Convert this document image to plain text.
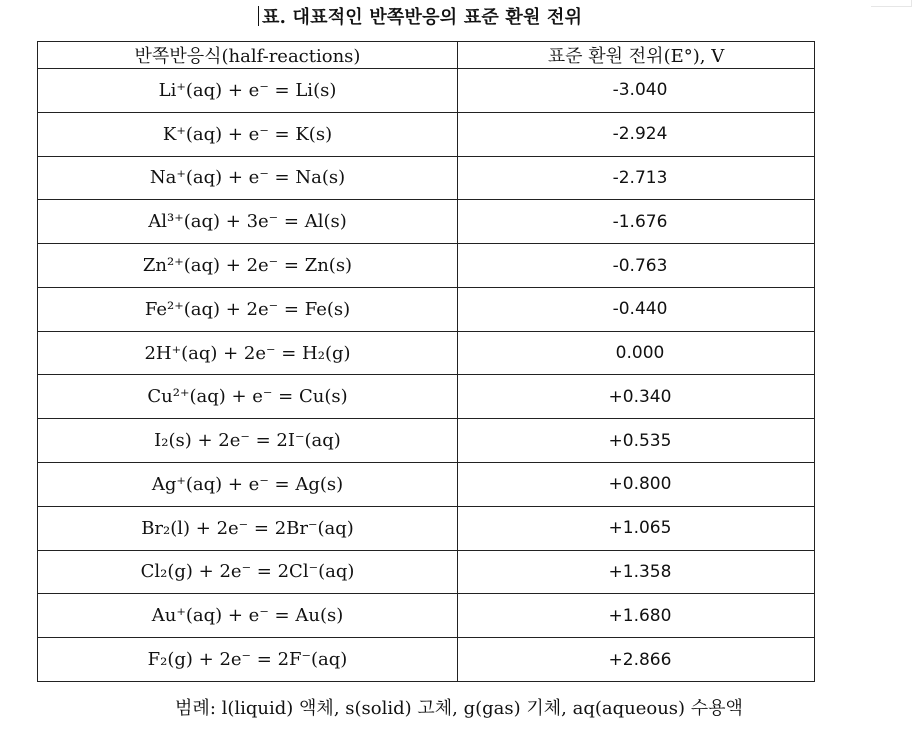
표. 대표적인 반쪽반응의 표준 환원 전위
반쪽반응식(half-reactions)	표준 환원 전위(E°), V
Li⁺(aq) + e⁻ = Li(s)	-3.040
K⁺(aq) + e⁻ = K(s)	-2.924
Na⁺(aq) + e⁻ = Na(s)	-2.713
Al³⁺(aq) + 3e⁻ = Al(s)	-1.676
Zn²⁺(aq) + 2e⁻ = Zn(s)	-0.763
Fe²⁺(aq) + 2e⁻ = Fe(s)	-0.440
2H⁺(aq) + 2e⁻ = H₂(g)	0.000
Cu²⁺(aq) + e⁻ = Cu(s)	+0.340
I₂(s) + 2e⁻ = 2I⁻(aq)	+0.535
Ag⁺(aq) + e⁻ = Ag(s)	+0.800
Br₂(l) + 2e⁻ = 2Br⁻(aq)	+1.065
Cl₂(g) + 2e⁻ = 2Cl⁻(aq)	+1.358
Au⁺(aq) + e⁻ = Au(s)	+1.680
F₂(g) + 2e⁻ = 2F⁻(aq)	+2.866
범례: l(liquid) 액체, s(solid) 고체, g(gas) 기체, aq(aqueous) 수용액
